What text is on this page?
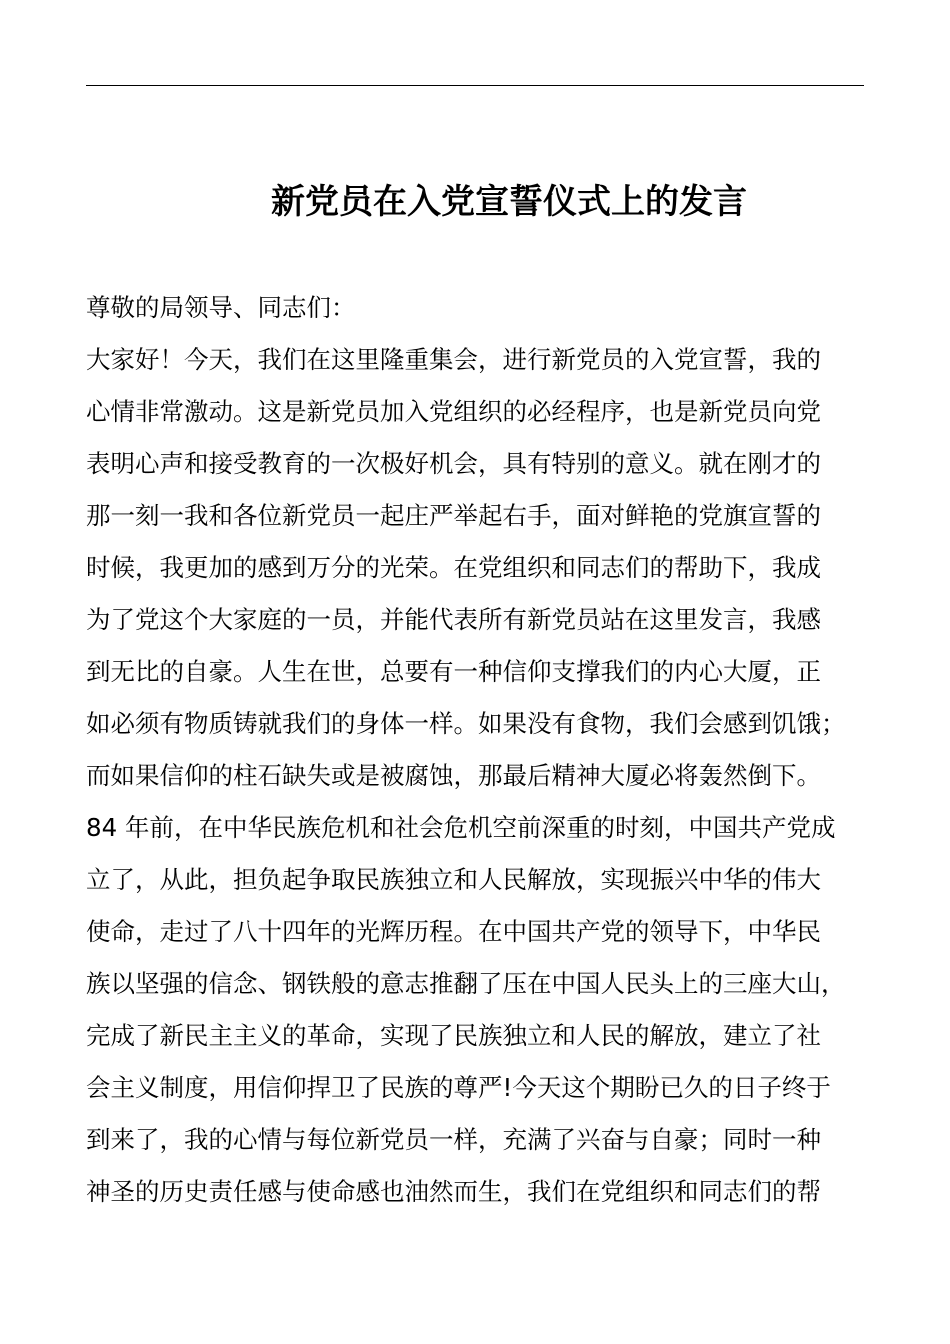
新党员在入党宣誓仪式上的发言

尊敬的局领导、同志们：

大家好！今天，我们在这里隆重集会，进行新党员的入党宣誓，我的

心情非常激动。这是新党员加入党组织的必经程序，也是新党员向党

表明心声和接受教育的一次极好机会，具有特别的意义。就在刚才的

那一刻一我和各位新党员一起庄严举起右手，面对鲜艳的党旗宣誓的

时候，我更加的感到万分的光荣。在党组织和同志们的帮助下，我成

为了党这个大家庭的一员，并能代表所有新党员站在这里发言，我感

到无比的自豪。人生在世，总要有一种信仰支撑我们的内心大厦，正

如必须有物质铸就我们的身体一样。如果没有食物，我们会感到饥饿；

而如果信仰的柱石缺失或是被腐蚀，那最后精神大厦必将轰然倒下。

84 年前，在中华民族危机和社会危机空前深重的时刻，中国共产党成

立了，从此，担负起争取民族独立和人民解放，实现振兴中华的伟大

使命，走过了八十四年的光辉历程。在中国共产党的领导下，中华民

族以坚强的信念、钢铁般的意志推翻了压在中国人民头上的三座大山，

完成了新民主主义的革命，实现了民族独立和人民的解放，建立了社

会主义制度，用信仰捍卫了民族的尊严!今天这个期盼已久的日子终于

到来了，我的心情与每位新党员一样，充满了兴奋与自豪；同时一种

神圣的历史责任感与使命感也油然而生，我们在党组织和同志们的帮
